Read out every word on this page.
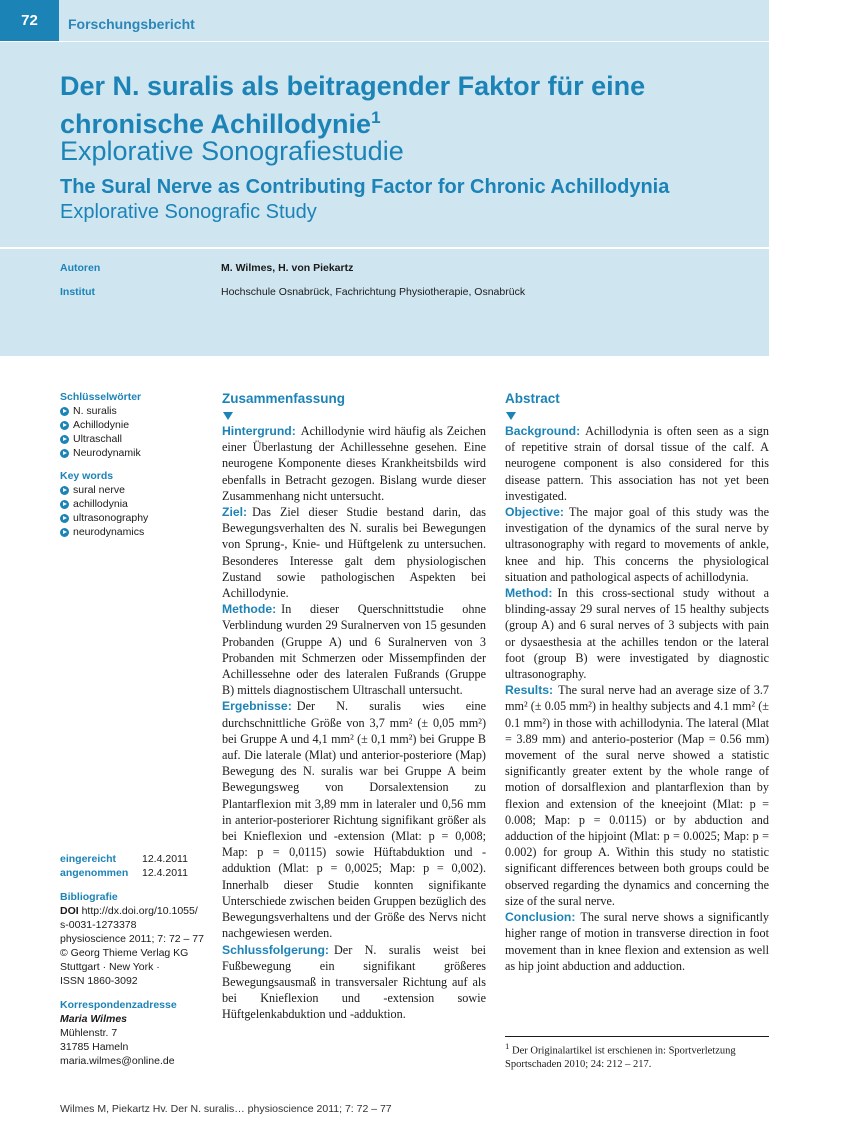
72	Forschungsbericht
Der N. suralis als beitragender Faktor für eine chronische Achillodynie$^1$
Explorative Sonografiestudie
The Sural Nerve as Contributing Factor for Chronic Achillodynia
Explorative Sonografic Study
Autoren	M. Wilmes, H. von Piekartz
Institut	Hochschule Osnabrück, Fachrichtung Physiotherapie, Osnabrück
Schlüsselwörter
N. suralis
Achillodynie
Ultraschall
Neurodynamik
Key words
sural nerve
achillodynia
ultrasonography
neurodynamics
eingereicht	12.4.2011
angenommen	12.4.2011
Bibliografie
DOI http://dx.doi.org/10.1055/
s-0031-1273378
physioscience 2011; 7: 72 – 77
© Georg Thieme Verlag KG
Stuttgart · New York ·
ISSN 1860-3092
Korrespondenzadresse
Maria Wilmes
Mühlenstr. 7
31785 Hameln
maria.wilmes@online.de
Zusammenfassung

Hintergrund: Achillodynie wird häufig als Zeichen einer Überlastung der Achillessehne gesehen. Eine neurogene Komponente dieses Krankheitsbilds wird ebenfalls in Betracht gezogen. Bislang wurde dieser Zusammenhang nicht untersucht.

Ziel: Das Ziel dieser Studie bestand darin, das Bewegungsverhalten des N. suralis bei Bewegungen von Sprung-, Knie- und Hüftgelenk zu untersuchen. Besonderes Interesse galt dem physiologischen Zustand sowie pathologischen Aspekten bei Achillodynie.

Methode: In dieser Querschnittstudie ohne Verblindung wurden 29 Suralnerven von 15 gesunden Probanden (Gruppe A) und 6 Suralnerven von 3 Probanden mit Schmerzen oder Missempfinden der Achillessehne oder des lateralen Fußrands (Gruppe B) mittels diagnostischem Ultraschall untersucht.

Ergebnisse: Der N. suralis wies eine durchschnittliche Größe von 3,7 mm² (± 0,05 mm²) bei Gruppe A und 4,1 mm² (± 0,1 mm²) bei Gruppe B auf. Die laterale (Mlat) und anterior-posteriore (Map) Bewegung des N. suralis war bei Gruppe A beim Bewegungsweg von Dorsalextension zu Plantarflexion mit 3,89 mm in lateraler und 0,56 mm in anterior-posteriorer Richtung signifikant größer als bei Knieflexion und -extension (Mlat: p = 0,008; Map: p = 0,0115) sowie Hüftabduktion und -adduktion (Mlat: p = 0,0025; Map: p = 0,002). Innerhalb dieser Studie konnten signifikante Unterschiede zwischen beiden Gruppen bezüglich des Bewegungsverhaltens und der Größe des Nervs nicht nachgewiesen werden.

Schlussfolgerung: Der N. suralis weist bei Fußbewegung ein signifikant größeres Bewegungsausmaß in transversaler Richtung auf als bei Knieflexion und -extension sowie Hüftgelenkabduktion und -adduktion.

Abstract

Background: Achillodynia is often seen as a sign of repetitive strain of dorsal tissue of the calf. A neurogene component is also considered for this disease pattern. This association has not yet been investigated.

Objective: The major goal of this study was the investigation of the dynamics of the sural nerve by ultrasonography with regard to movements of ankle, knee and hip. This concerns the physiological situation and pathological aspects of achillodynia.

Method: In this cross-sectional study without a blinding-assay 29 sural nerves of 15 healthy subjects (group A) and 6 sural nerves of 3 subjects with pain or dysaesthesia at the achilles tendon or the lateral foot (group B) were investigated by diagnostic ultrasonography.

Results: The sural nerve had an average size of 3.7 mm² (± 0.05 mm²) in healthy subjects and 4.1 mm² (± 0.1 mm²) in those with achillodynia. The lateral (Mlat = 3.89 mm) and anterio-posterior (Map = 0.56 mm) movement of the sural nerve showed a statistic significantly greater extent by the whole range of motion of dorsalflexion and plantarflexion than by flexion and extension of the kneejoint (Mlat: p = 0.008; Map: p = 0.0115) or by abduction and adduction of the hipjoint (Mlat: p = 0.0025; Map: p = 0.002) for group A. Within this study no statistic significant differences between both groups could be observed regarding the dynamics and concerning the size of the sural nerve.

Conclusion: The sural nerve shows a significantly higher range of motion in transverse direction in foot movement than in knee flexion and extension as well as hip joint abduction and adduction.

$^1$ Der Originalartikel ist erschienen in: Sportverletzung Sportschaden 2010; 24: 212 – 217.
Wilmes M, Piekartz Hv. Der N. suralis… physioscience 2011; 7: 72 – 77
